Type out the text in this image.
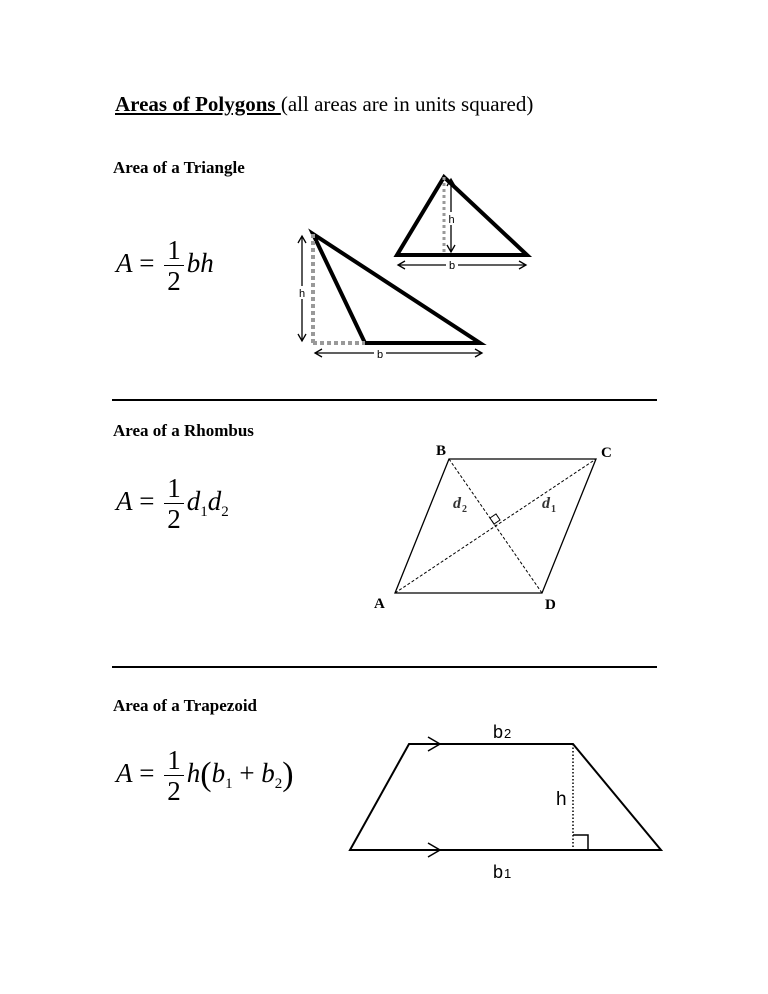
Areas of Polygons (all areas are in units squared)
Area of a Triangle
$A = \frac{1}{2}$ bh
h
b
h
b
Area of a Rhombus
$A = \frac{1}{2} d_1d_2$
B	C
A	D
d 2	d 1
Area of a Trapezoid
$A = \frac{1}{2} h(b_1 + b_2)$
b 2
h
b 1
